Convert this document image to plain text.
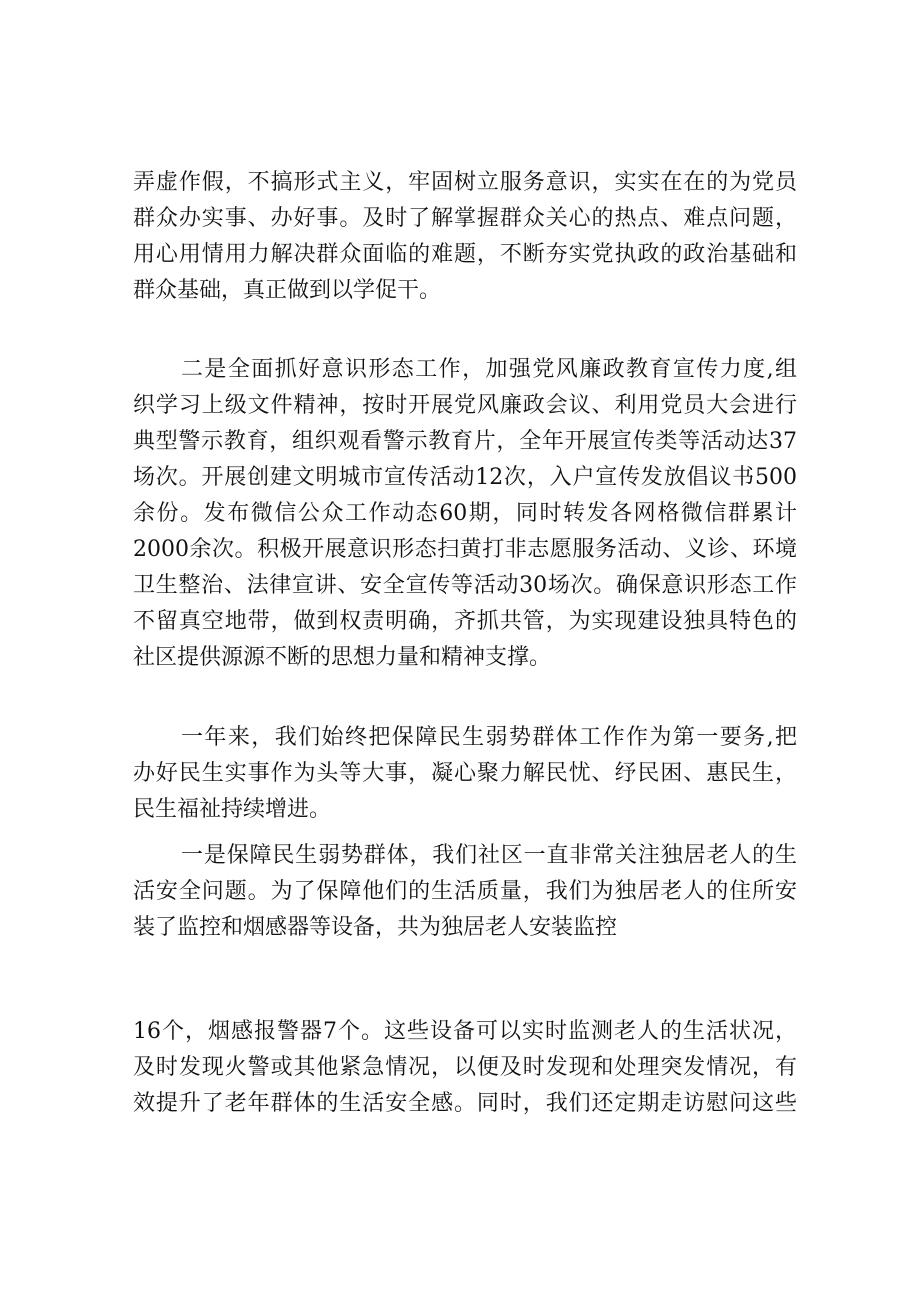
弄虚作假，不搞形式主义，牢固树立服务意识，实实在在的为党员
群众办实事、办好事。及时了解掌握群众关心的热点、难点问题，
用心用情用力解决群众面临的难题，不断夯实党执政的政治基础和
群众基础，真正做到以学促干。
二是全面抓好意识形态工作，加强党风廉政教育宣传力度,组
织学习上级文件精神，按时开展党风廉政会议、利用党员大会进行
典型警示教育，组织观看警示教育片，全年开展宣传类等活动达37
场次。开展创建文明城市宣传活动12次，入户宣传发放倡议书500
余份。发布微信公众工作动态60期，同时转发各网格微信群累计
2000余次。积极开展意识形态扫黄打非志愿服务活动、义诊、环境
卫生整治、法律宣讲、安全宣传等活动30场次。确保意识形态工作
不留真空地带，做到权责明确，齐抓共管，为实现建设独具特色的
社区提供源源不断的思想力量和精神支撑。
一年来，我们始终把保障民生弱势群体工作作为第一要务,把
办好民生实事作为头等大事，凝心聚力解民忧、纾民困、惠民生，
民生福祉持续增进。
一是保障民生弱势群体，我们社区一直非常关注独居老人的生
活安全问题。为了保障他们的生活质量，我们为独居老人的住所安
装了监控和烟感器等设备，共为独居老人安装监控
16个，烟感报警器7个。这些设备可以实时监测老人的生活状况，
及时发现火警或其他紧急情况，以便及时发现和处理突发情况，有
效提升了老年群体的生活安全感。同时，我们还定期走访慰问这些
